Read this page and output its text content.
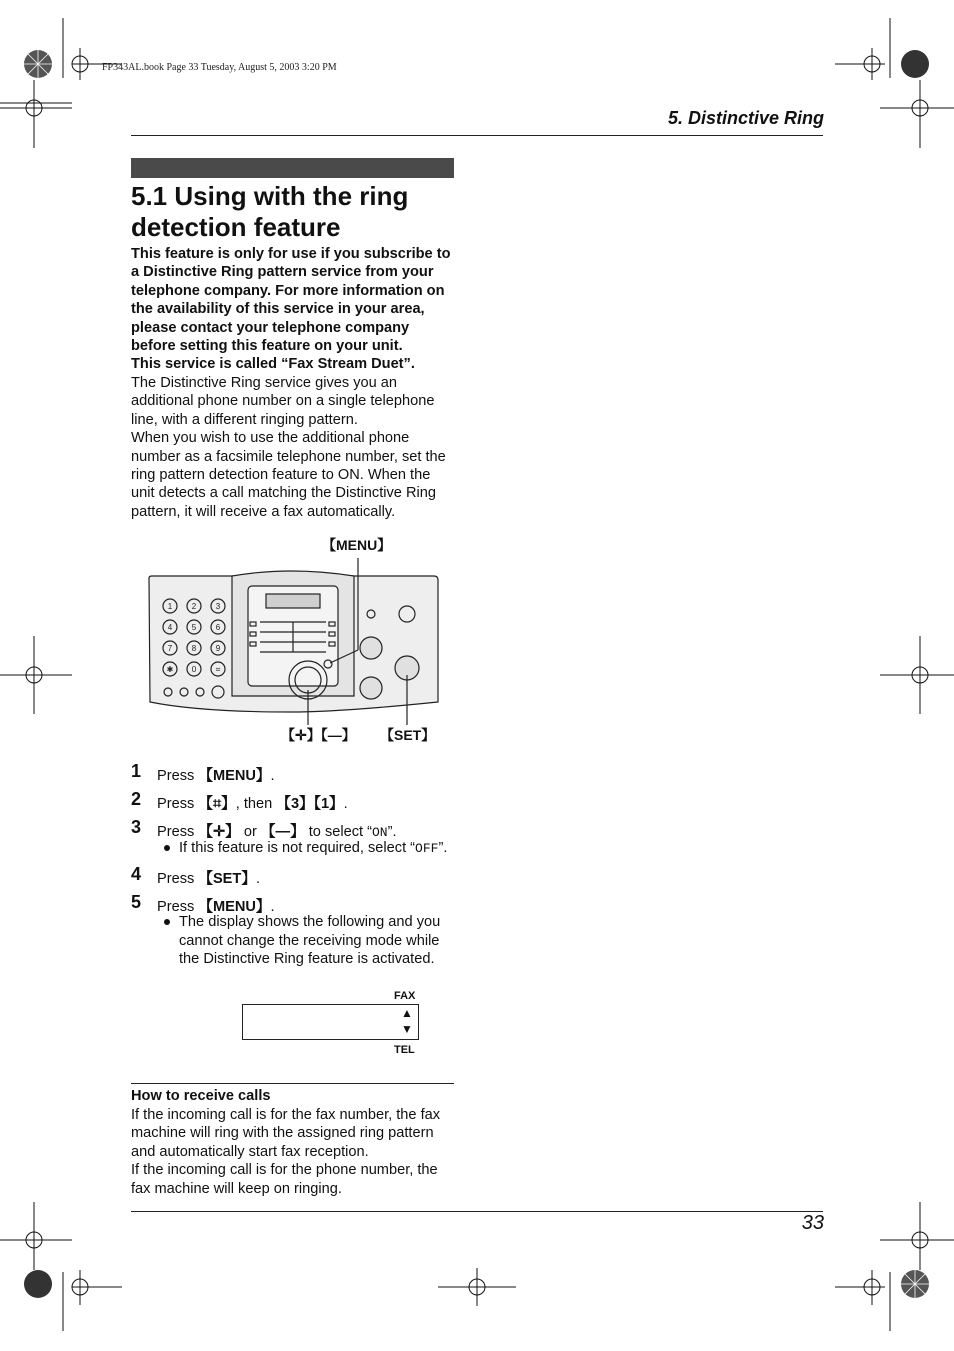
FP343AL.book Page 33 Tuesday, August 5, 2003 3:20 PM
5. Distinctive Ring
5.1 Using with the ring
detection feature
This feature is only for use if you subscribe to
a Distinctive Ring pattern service from your
telephone company. For more information on
the availability of this service in your area,
please contact your telephone company
before setting this feature on your unit.
This service is called “Fax Stream Duet”.
The Distinctive Ring service gives you an
additional phone number on a single telephone
line, with a different ringing pattern.
When you wish to use the additional phone
number as a facsimile telephone number, set the
ring pattern detection feature to ON. When the
unit detects a call matching the Distinctive Ring
pattern, it will receive a fax automatically.
【MENU】
【✛】【—】 【SET】
1 2 3
4 5 6
7 8 9
✱ 0 ⌗
1 Press 【MENU】.
2 Press 【⌗】, then 【3】【1】.
3 Press 【✛】 or 【—】 to select “ON”.
If this feature is not required, select “OFF”.
4 Press 【SET】.
5 Press 【MENU】.
The display shows the following and you
cannot change the receiving mode while
the Distinctive Ring feature is activated.
FAX
▲
▼
TEL
How to receive calls
If the incoming call is for the fax number, the fax
machine will ring with the assigned ring pattern
and automatically start fax reception.
If the incoming call is for the phone number, the
fax machine will keep on ringing.
33
